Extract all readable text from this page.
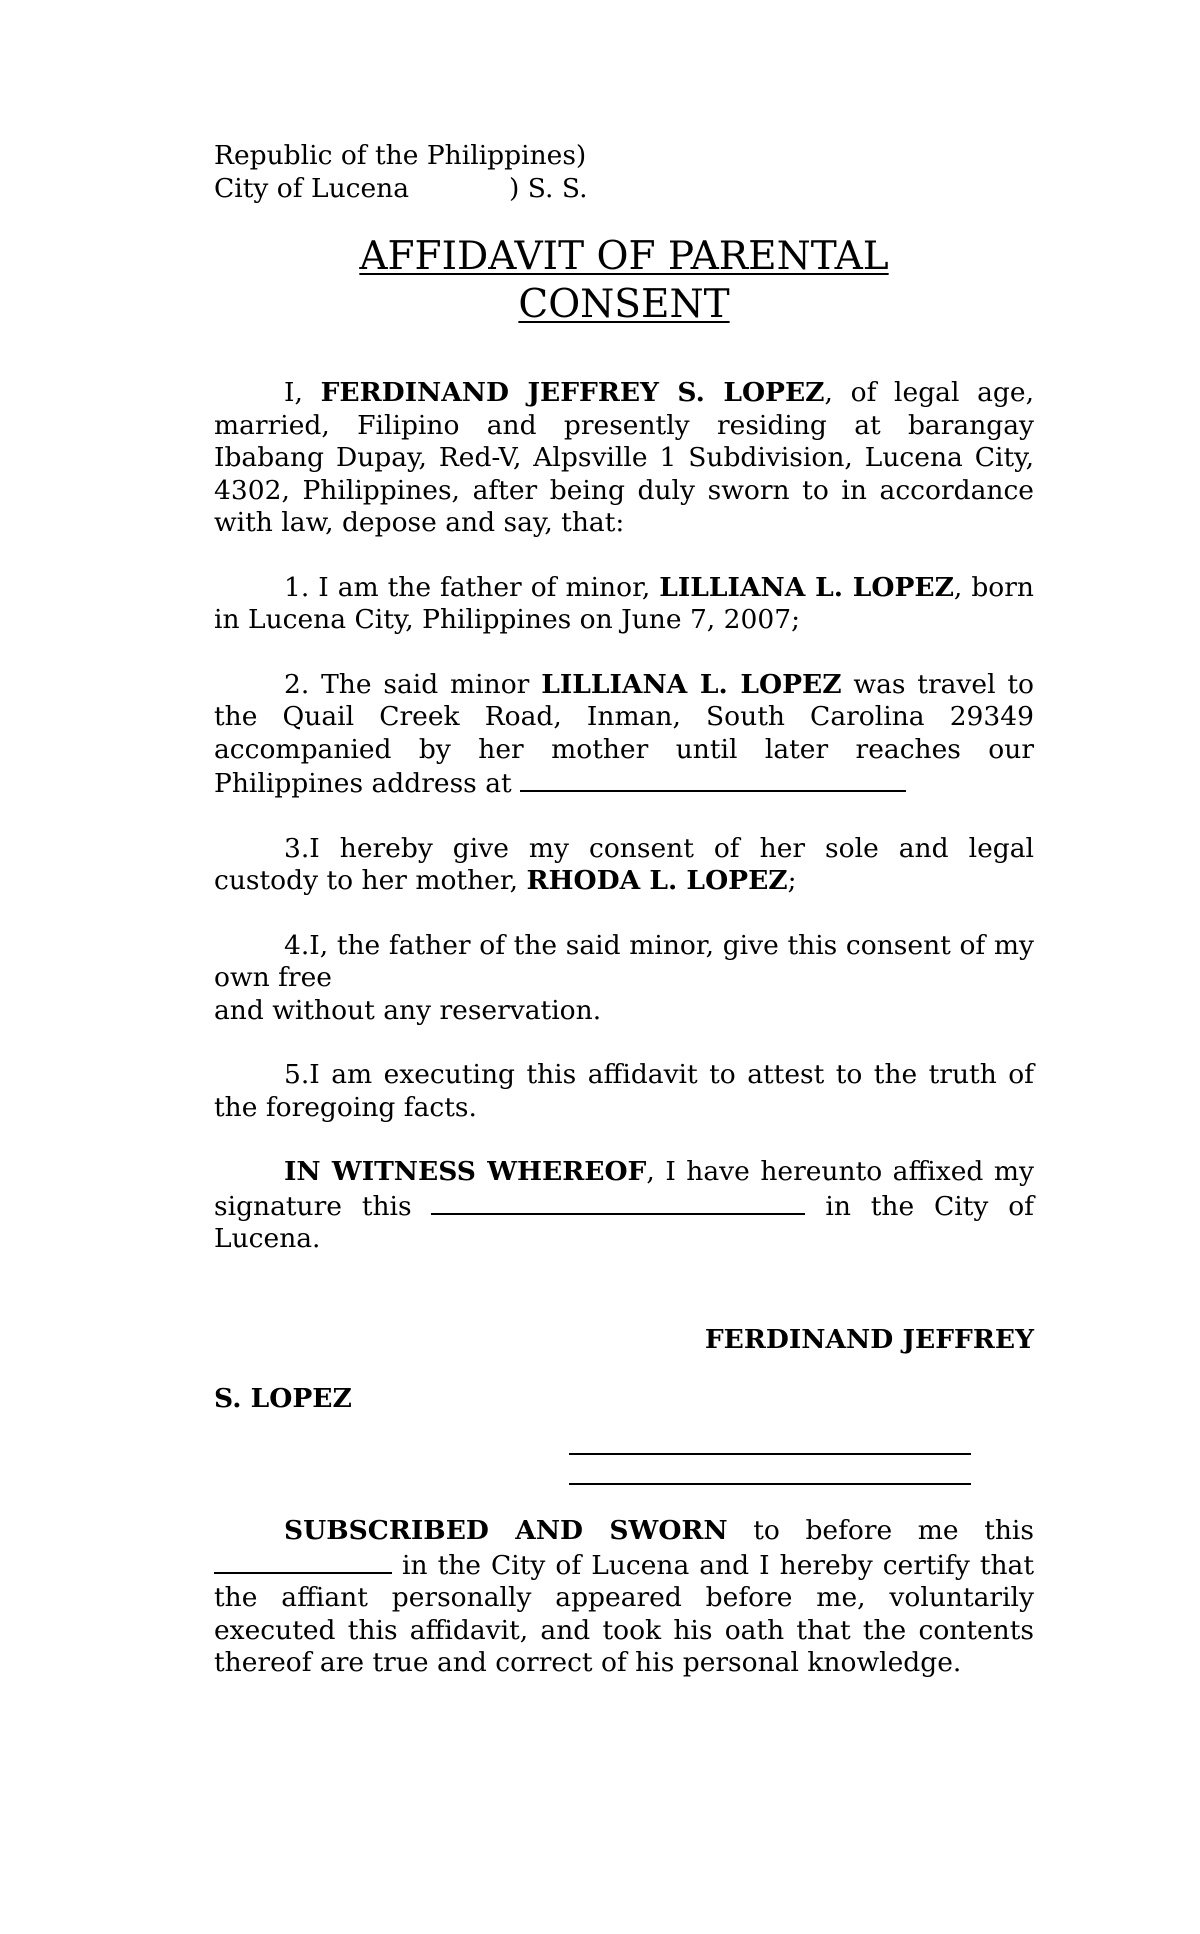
Republic of the Philippines)

City of Lucena	) S. S.

AFFIDAVIT OF PARENTAL
CONSENT

I, FERDINAND JEFFREY S. LOPEZ, of legal age, married, Filipino and presently residing at barangay Ibabang Dupay, Red-V, Alpsville 1 Subdivision, Lucena City, 4302, Philippines, after being duly sworn to in accordance with law, depose and say, that:

1. I am the father of minor, LILLIANA L. LOPEZ, born in Lucena City, Philippines on June 7, 2007;

2. The said minor LILLIANA L. LOPEZ was travel to the Quail Creek Road, Inman, South Carolina 29349 accompanied by her mother until later reaches our Philippines address at

3.I hereby give my consent of her sole and legal custody to her mother, RHODA L. LOPEZ;

4.I, the father of the said minor, give this consent of my own free

and without any reservation.

5.I am executing this affidavit to attest to the truth of the foregoing facts.

IN WITNESS WHEREOF, I have hereunto affixed my signature this	in the City of Lucena.

FERDINAND JEFFREY

S. LOPEZ

SUBSCRIBED AND SWORN to before me this  in the City of Lucena and I hereby certify that the affiant personally appeared before me, voluntarily executed this affidavit, and took his oath that the contents thereof are true and correct of his personal knowledge.
